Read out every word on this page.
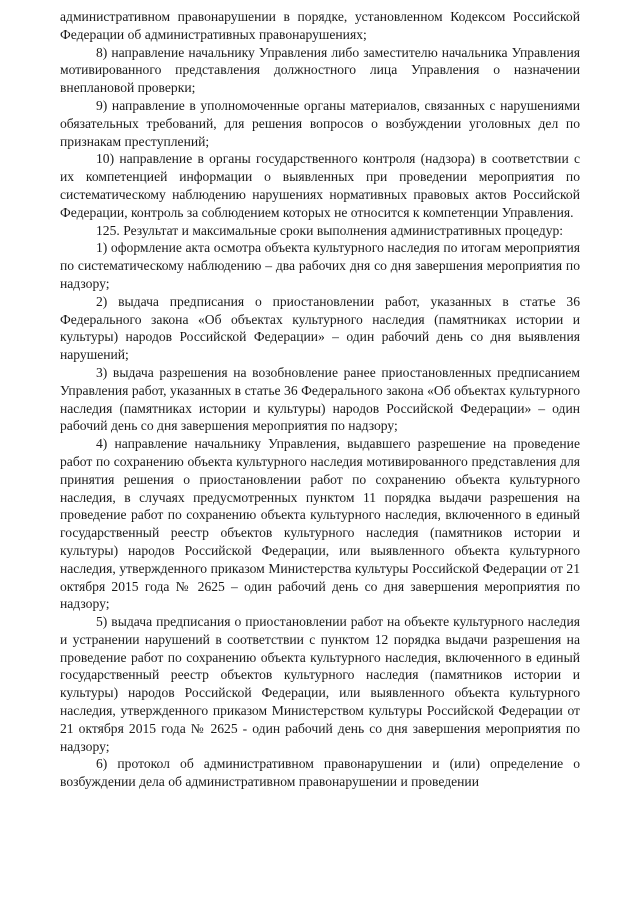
административном правонарушении в порядке, установленном Кодексом Российской Федерации об административных правонарушениях;

8) направление начальнику Управления либо заместителю начальника Управления мотивированного представления должностного лица Управления о назначении внеплановой проверки;

9) направление в уполномоченные органы материалов, связанных с нарушениями обязательных требований, для решения вопросов о возбуждении уголовных дел по признакам преступлений;

10) направление в органы государственного контроля (надзора) в соответствии с их компетенцией информации о выявленных при проведении мероприятия по систематическому наблюдению нарушениях нормативных правовых актов Российской Федерации, контроль за соблюдением которых не относится к компетенции Управления.

125. Результат и максимальные сроки выполнения административных процедур:

1) оформление акта осмотра объекта культурного наследия по итогам мероприятия по систематическому наблюдению – два рабочих дня со дня завершения мероприятия по надзору;

2) выдача предписания о приостановлении работ, указанных в статье 36 Федерального закона «Об объектах культурного наследия (памятниках истории и культуры) народов Российской Федерации» – один рабочий день со дня выявления нарушений;

3) выдача разрешения на возобновление ранее приостановленных предписанием Управления работ, указанных в статье 36 Федерального закона «Об объектах культурного наследия (памятниках истории и культуры) народов Российской Федерации» – один рабочий день со дня завершения мероприятия по надзору;

4) направление начальнику Управления, выдавшего разрешение на проведение работ по сохранению объекта культурного наследия мотивированного представления для принятия решения о приостановлении работ по сохранению объекта культурного наследия, в случаях предусмотренных пунктом 11 порядка выдачи разрешения на проведение работ по сохранению объекта культурного наследия, включенного в единый государственный реестр объектов культурного наследия (памятников истории и культуры) народов Российской Федерации, или выявленного объекта культурного наследия, утвержденного приказом Министерства культуры Российской Федерации от 21 октября 2015 года № 2625 – один рабочий день со дня завершения мероприятия по надзору;

5) выдача предписания о приостановлении работ на объекте культурного наследия и устранении нарушений в соответствии с пунктом 12 порядка выдачи разрешения на проведение работ по сохранению объекта культурного наследия, включенного в единый государственный реестр объектов культурного наследия (памятников истории и культуры) народов Российской Федерации, или выявленного объекта культурного наследия, утвержденного приказом Министерством культуры Российской Федерации от 21 октября 2015 года № 2625 - один рабочий день со дня завершения мероприятия по надзору;

6) протокол об административном правонарушении и (или) определение о возбуждении дела об административном правонарушении и проведении
